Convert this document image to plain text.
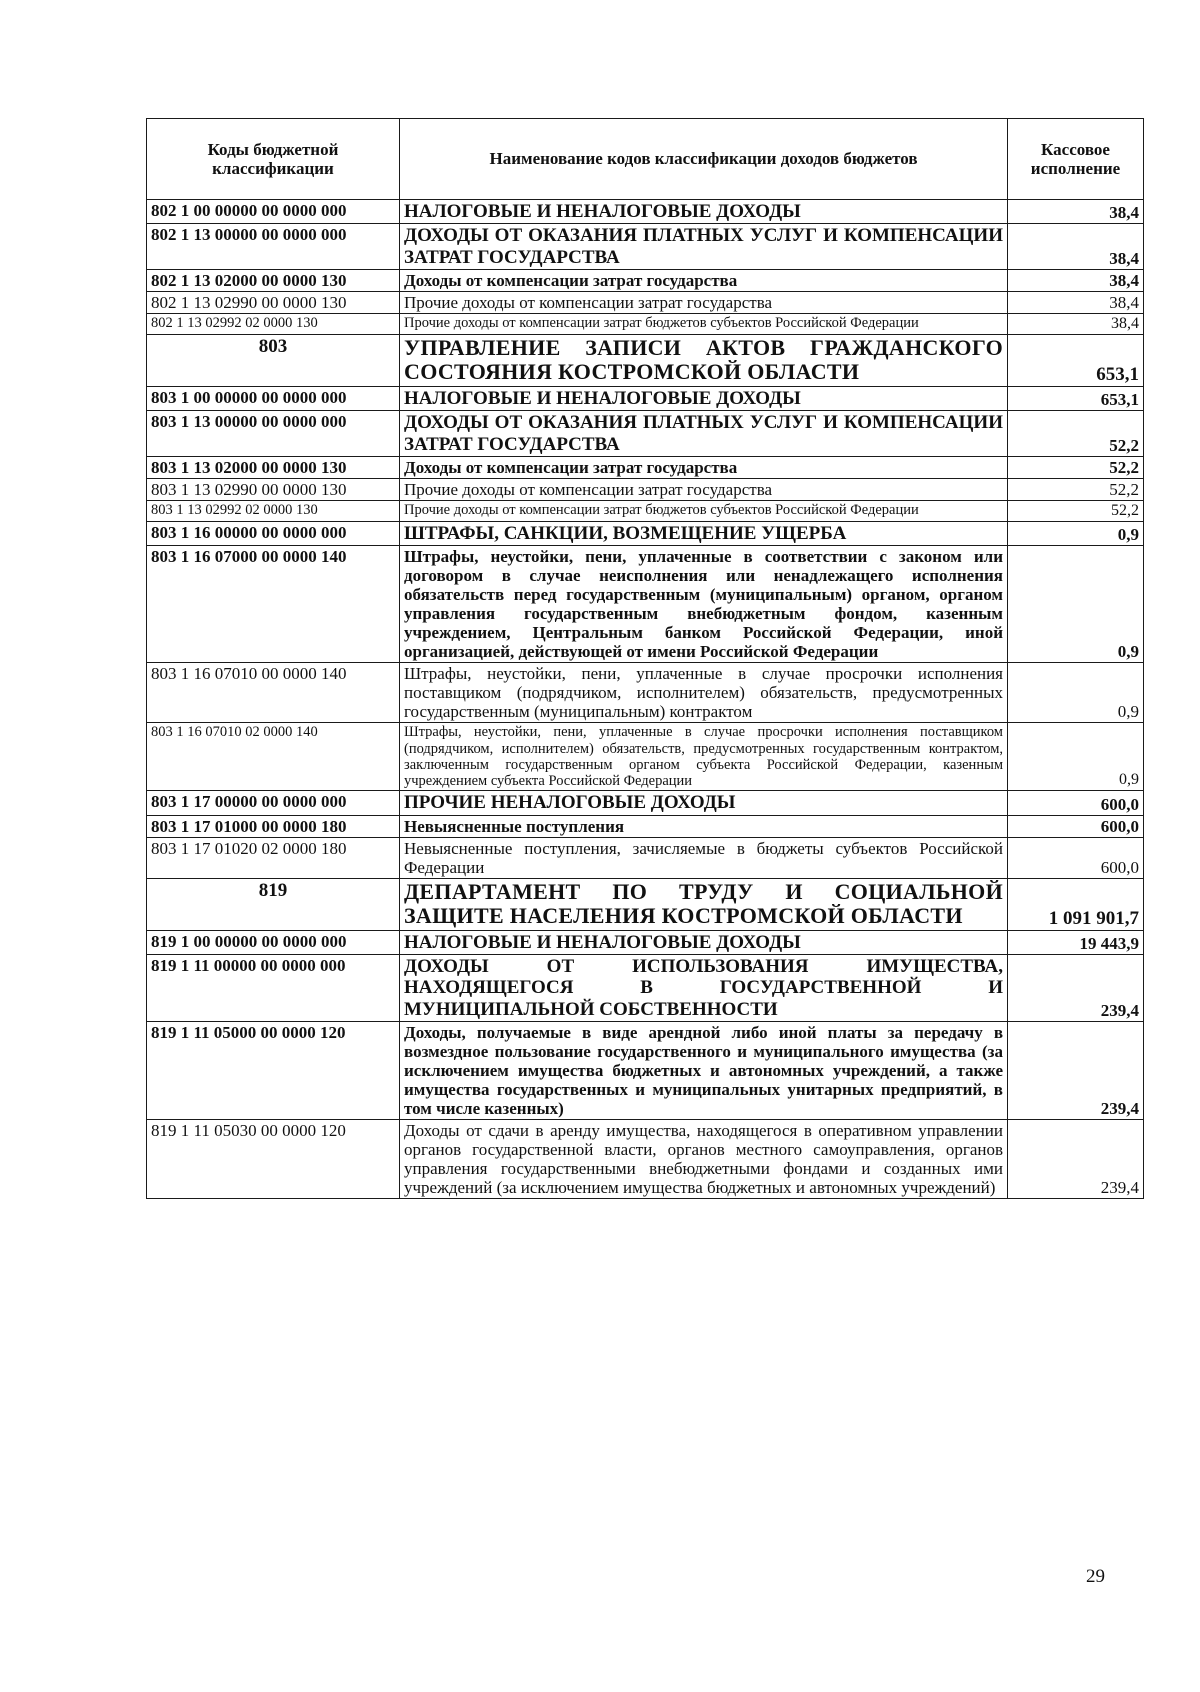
Коды бюджетной классификации	Наименование кодов классификации доходов бюджетов	Кассовое исполнение
802 1 00 00000 00 0000 000	НАЛОГОВЫЕ И НЕНАЛОГОВЫЕ ДОХОДЫ	38,4
802 1 13 00000 00 0000 000	ДОХОДЫ ОТ ОКАЗАНИЯ ПЛАТНЫХ УСЛУГ И КОМПЕНСАЦИИ ЗАТРАТ ГОСУДАРСТВА	38,4
802 1 13 02000 00 0000 130	Доходы от компенсации затрат государства	38,4
802 1 13 02990 00 0000 130	Прочие доходы от компенсации затрат государства	38,4
802 1 13 02992 02 0000 130	Прочие доходы от компенсации затрат бюджетов субъектов Российской Федерации	38,4
803	УПРАВЛЕНИЕ ЗАПИСИ АКТОВ ГРАЖДАНСКОГО СОСТОЯНИЯ КОСТРОМСКОЙ ОБЛАСТИ	653,1
803 1 00 00000 00 0000 000	НАЛОГОВЫЕ И НЕНАЛОГОВЫЕ ДОХОДЫ	653,1
803 1 13 00000 00 0000 000	ДОХОДЫ ОТ ОКАЗАНИЯ ПЛАТНЫХ УСЛУГ И КОМПЕНСАЦИИ ЗАТРАТ ГОСУДАРСТВА	52,2
803 1 13 02000 00 0000 130	Доходы от компенсации затрат государства	52,2
803 1 13 02990 00 0000 130	Прочие доходы от компенсации затрат государства	52,2
803 1 13 02992 02 0000 130	Прочие доходы от компенсации затрат бюджетов субъектов Российской Федерации	52,2
803 1 16 00000 00 0000 000	ШТРАФЫ, САНКЦИИ, ВОЗМЕЩЕНИЕ УЩЕРБА	0,9
803 1 16 07000 00 0000 140	Штрафы, неустойки, пени, уплаченные в соответствии с законом или договором в случае неисполнения или ненадлежащего исполнения обязательств перед государственным (муниципальным) органом, органом управления государственным внебюджетным фондом, казенным учреждением, Центральным банком Российской Федерации, иной организацией, действующей от имени Российской Федерации	0,9
803 1 16 07010 00 0000 140	Штрафы, неустойки, пени, уплаченные в случае просрочки исполнения поставщиком (подрядчиком, исполнителем) обязательств, предусмотренных государственным (муниципальным) контрактом	0,9
803 1 16 07010 02 0000 140	Штрафы, неустойки, пени, уплаченные в случае просрочки исполнения поставщиком (подрядчиком, исполнителем) обязательств, предусмотренных государственным контрактом, заключенным государственным органом субъекта Российской Федерации, казенным учреждением субъекта Российской Федерации	0,9
803 1 17 00000 00 0000 000	ПРОЧИЕ НЕНАЛОГОВЫЕ ДОХОДЫ	600,0
803 1 17 01000 00 0000 180	Невыясненные поступления	600,0
803 1 17 01020 02 0000 180	Невыясненные поступления, зачисляемые в бюджеты субъектов Российской Федерации	600,0
819	ДЕПАРТАМЕНТ ПО ТРУДУ И СОЦИАЛЬНОЙ ЗАЩИТЕ НАСЕЛЕНИЯ КОСТРОМСКОЙ ОБЛАСТИ	1 091 901,7
819 1 00 00000 00 0000 000	НАЛОГОВЫЕ И НЕНАЛОГОВЫЕ ДОХОДЫ	19 443,9
819 1 11 00000 00 0000 000	ДОХОДЫ ОТ ИСПОЛЬЗОВАНИЯ ИМУЩЕСТВА, НАХОДЯЩЕГОСЯ В ГОСУДАРСТВЕННОЙ И МУНИЦИПАЛЬНОЙ СОБСТВЕННОСТИ	239,4
819 1 11 05000 00 0000 120	Доходы, получаемые в виде арендной либо иной платы за передачу в возмездное пользование государственного и муниципального имущества (за исключением имущества бюджетных и автономных учреждений, а также имущества государственных и муниципальных унитарных предприятий, в том числе казенных)	239,4
819 1 11 05030 00 0000 120	Доходы от сдачи в аренду имущества, находящегося в оперативном управлении органов государственной власти, органов местного самоуправления, органов управления государственными внебюджетными фондами и созданных ими учреждений (за исключением имущества бюджетных и автономных учреждений)	239,4
29
